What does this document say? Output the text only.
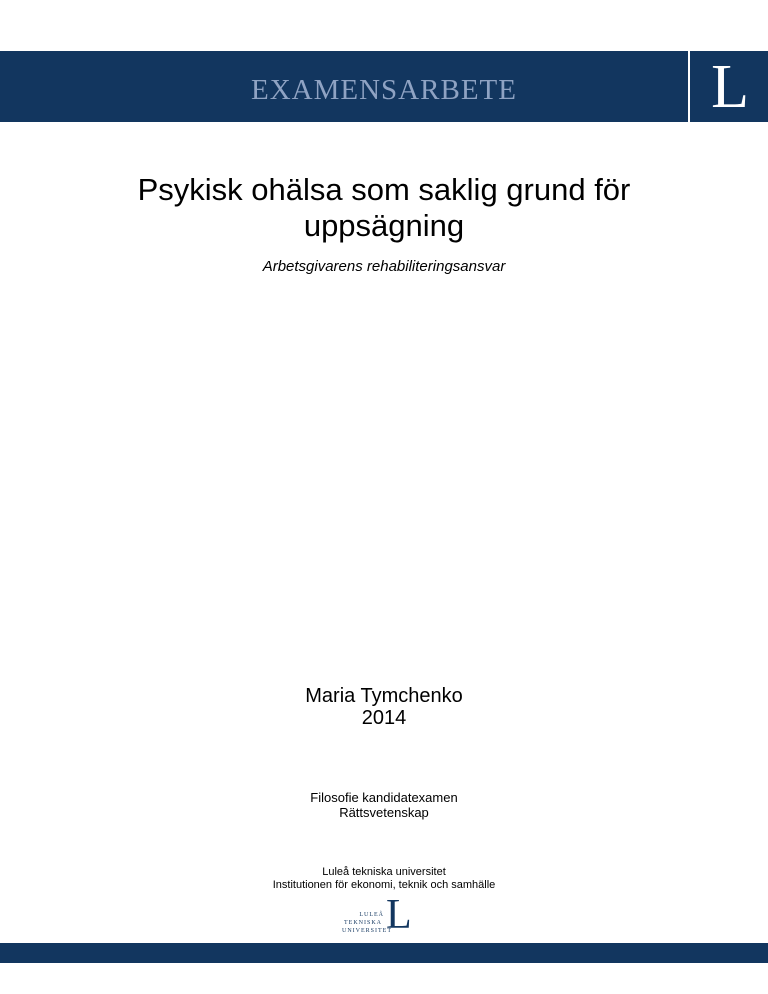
EXAMENSARBETE	L
Psykisk ohälsa som saklig grund för
uppsägning
Arbetsgivarens rehabiliteringsansvar
Maria Tymchenko
2014
Filosofie kandidatexamen
Rättsvetenskap
Luleå tekniska universitet
Institutionen för ekonomi, teknik och samhälle
LULEÅ
TEKNISKA
UNIVERSITET
L
